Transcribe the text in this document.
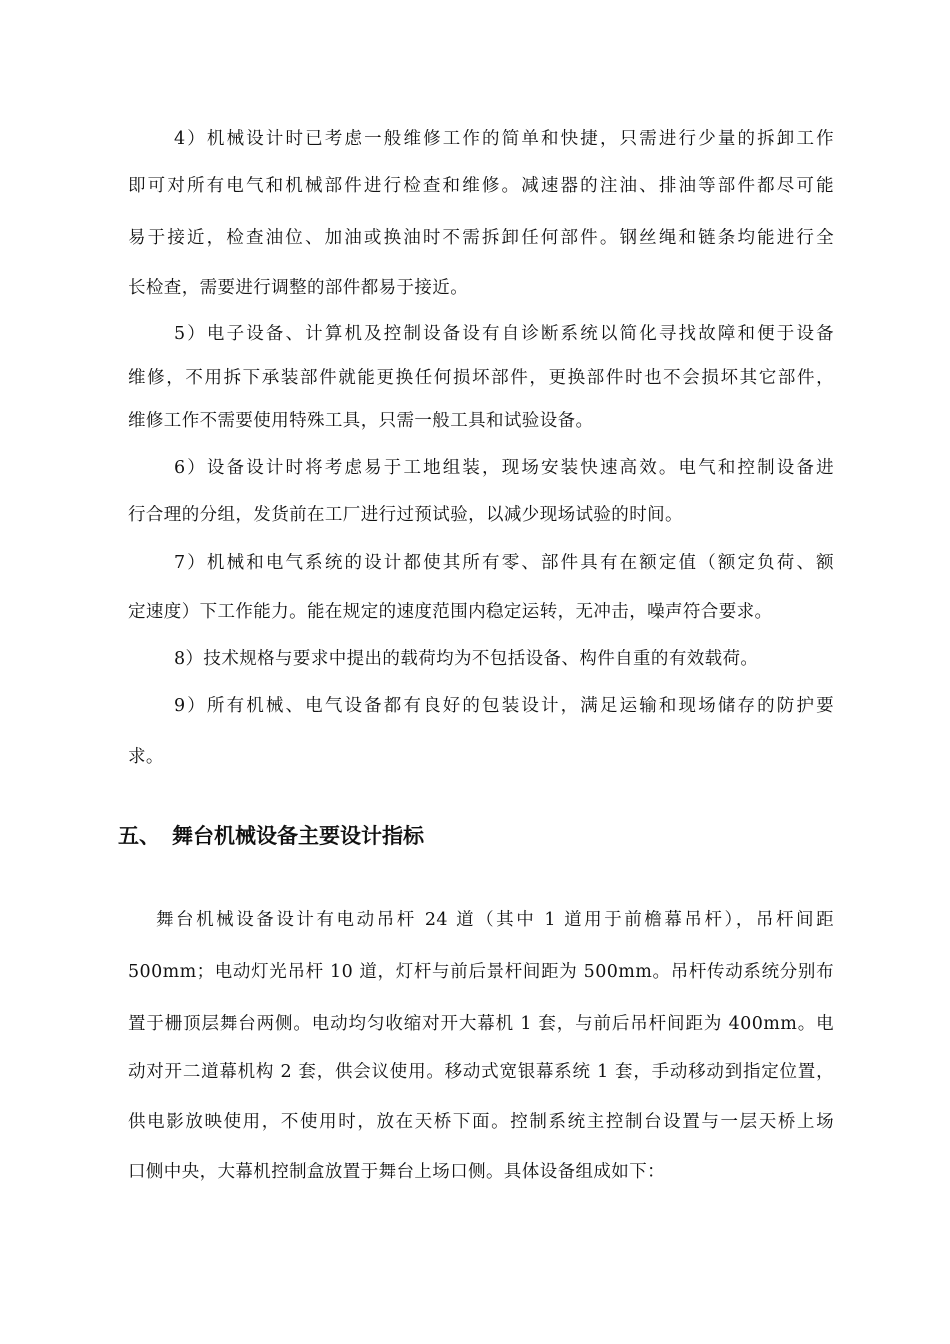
4）机械设计时已考虑一般维修工作的简单和快捷，只需进行少量的拆卸工作
即可对所有电气和机械部件进行检查和维修。减速器的注油、排油等部件都尽可能
易于接近，检查油位、加油或换油时不需拆卸任何部件。钢丝绳和链条均能进行全
长检查，需要进行调整的部件都易于接近。
5）电子设备、计算机及控制设备设有自诊断系统以简化寻找故障和便于设备
维修，不用拆下承装部件就能更换任何损坏部件，更换部件时也不会损坏其它部件，
维修工作不需要使用特殊工具，只需一般工具和试验设备。
6）设备设计时将考虑易于工地组装，现场安装快速高效。电气和控制设备进
行合理的分组，发货前在工厂进行过预试验，以减少现场试验的时间。
7）机械和电气系统的设计都使其所有零、部件具有在额定值（额定负荷、额
定速度）下工作能力。能在规定的速度范围内稳定运转，无冲击，噪声符合要求。
8）技术规格与要求中提出的载荷均为不包括设备、构件自重的有效载荷。
9）所有机械、电气设备都有良好的包装设计，满足运输和现场储存的防护要
求。
五、 舞台机械设备主要设计指标
舞台机械设备设计有电动吊杆 24 道（其中 1 道用于前檐幕吊杆），吊杆间距
500mm；电动灯光吊杆 10 道，灯杆与前后景杆间距为 500mm。吊杆传动系统分别布
置于栅顶层舞台两侧。电动均匀收缩对开大幕机 1 套，与前后吊杆间距为 400mm。电
动对开二道幕机构 2 套，供会议使用。移动式宽银幕系统 1 套，手动移动到指定位置，
供电影放映使用，不使用时，放在天桥下面。控制系统主控制台设置与一层天桥上场
口侧中央，大幕机控制盒放置于舞台上场口侧。具体设备组成如下：
